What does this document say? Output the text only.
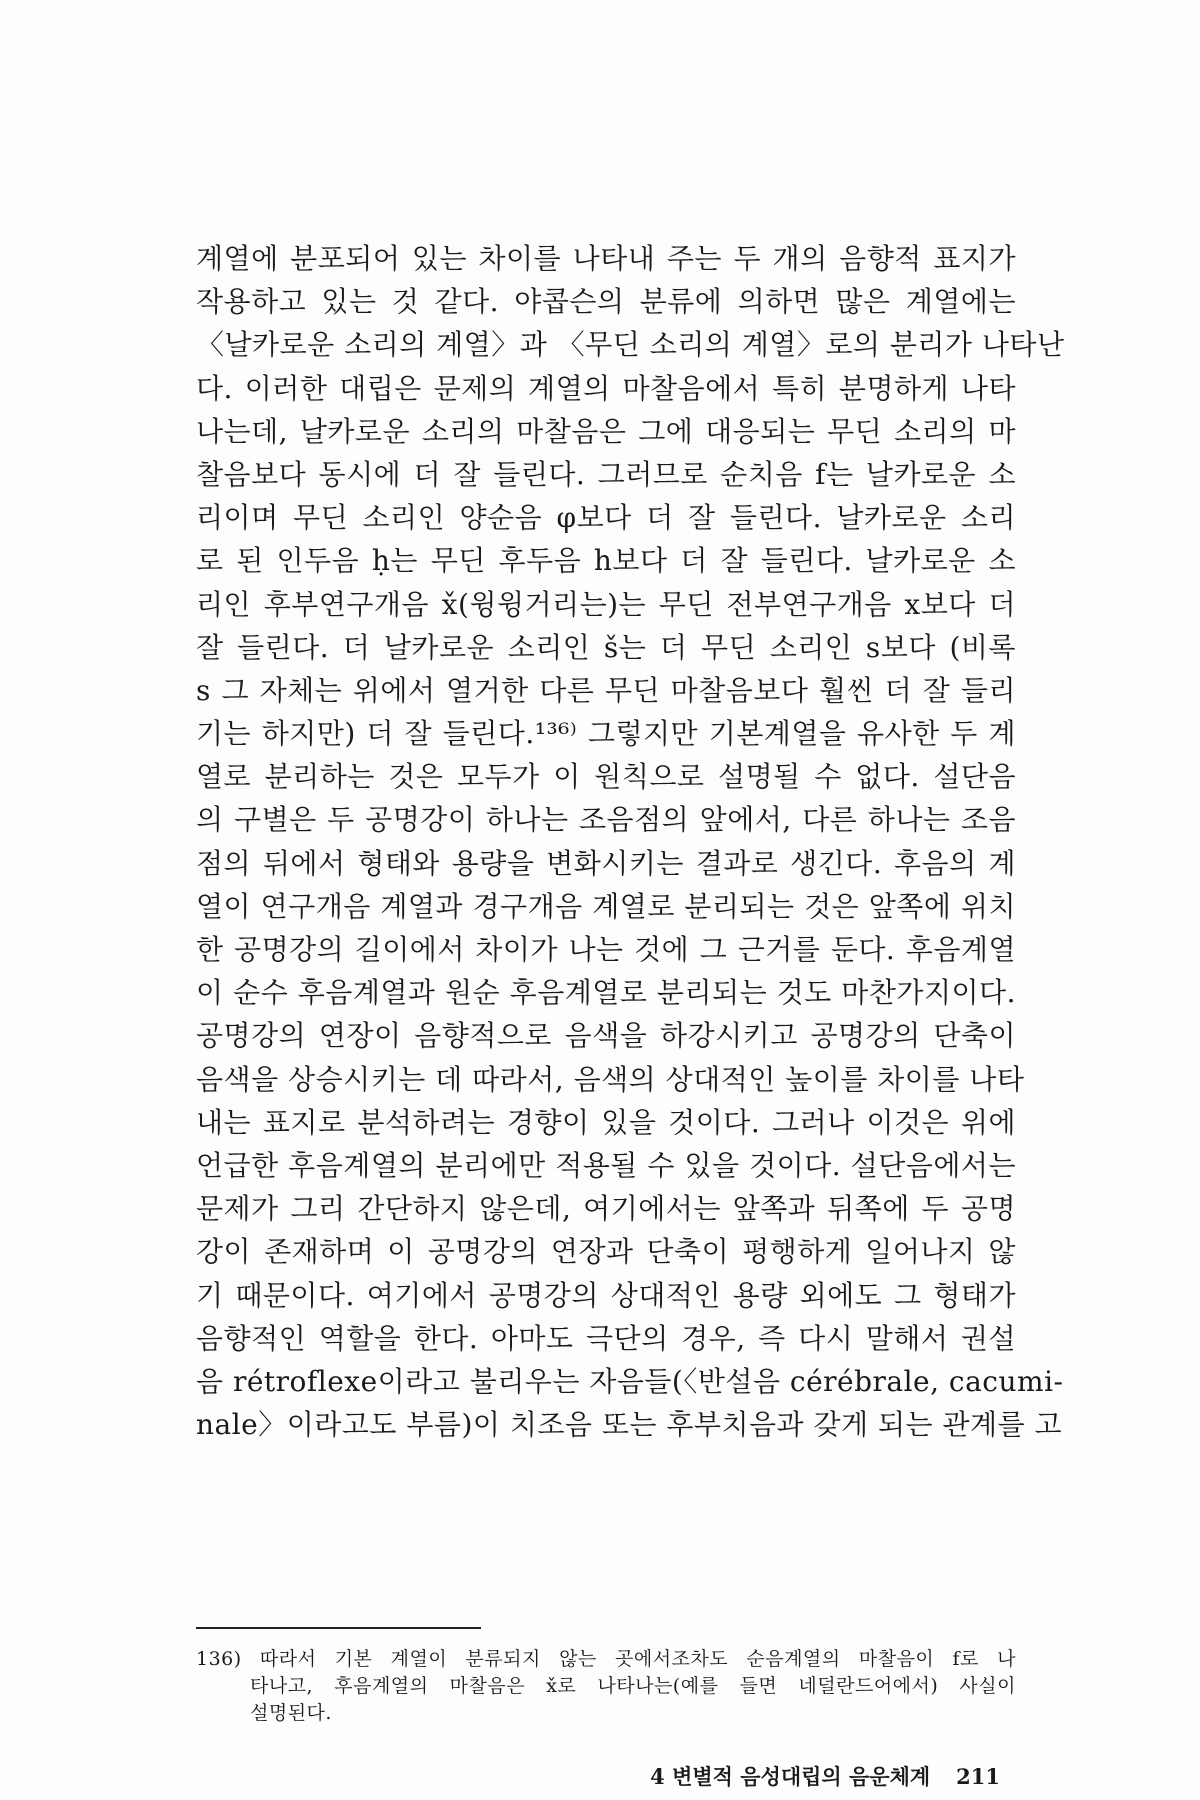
계열에 분포되어 있는 차이를 나타내 주는 두 개의 음향적 표지가
작용하고 있는 것 같다. 야콥슨의 분류에 의하면 많은 계열에는
〈날카로운 소리의 계열〉과 〈무딘 소리의 계열〉로의 분리가 나타난
다. 이러한 대립은 문제의 계열의 마찰음에서 특히 분명하게 나타
나는데, 날카로운 소리의 마찰음은 그에 대응되는 무딘 소리의 마
찰음보다 동시에 더 잘 들린다. 그러므로 순치음 f는 날카로운 소
리이며 무딘 소리인 양순음 φ보다 더 잘 들린다. 날카로운 소리
로 된 인두음 ḥ는 무딘 후두음 h보다 더 잘 들린다. 날카로운 소
리인 후부연구개음 x̌(윙윙거리는)는 무딘 전부연구개음 x보다 더
잘 들린다. 더 날카로운 소리인 š는 더 무딘 소리인 s보다 (비록
s 그 자체는 위에서 열거한 다른 무딘 마찰음보다 훨씬 더 잘 들리
기는 하지만) 더 잘 들린다.¹³⁶⁾ 그렇지만 기본계열을 유사한 두 계
열로 분리하는 것은 모두가 이 원칙으로 설명될 수 없다. 설단음
의 구별은 두 공명강이 하나는 조음점의 앞에서, 다른 하나는 조음
점의 뒤에서 형태와 용량을 변화시키는 결과로 생긴다. 후음의 계
열이 연구개음 계열과 경구개음 계열로 분리되는 것은 앞쪽에 위치
한 공명강의 길이에서 차이가 나는 것에 그 근거를 둔다. 후음계열
이 순수 후음계열과 원순 후음계열로 분리되는 것도 마찬가지이다.
공명강의 연장이 음향적으로 음색을 하강시키고 공명강의 단축이
음색을 상승시키는 데 따라서, 음색의 상대적인 높이를 차이를 나타
내는 표지로 분석하려는 경향이 있을 것이다. 그러나 이것은 위에
언급한 후음계열의 분리에만 적용될 수 있을 것이다. 설단음에서는
문제가 그리 간단하지 않은데, 여기에서는 앞쪽과 뒤쪽에 두 공명
강이 존재하며 이 공명강의 연장과 단축이 평행하게 일어나지 않
기 때문이다. 여기에서 공명강의 상대적인 용량 외에도 그 형태가
음향적인 역할을 한다. 아마도 극단의 경우, 즉 다시 말해서 권설
음 rétroflexe이라고 불리우는 자음들(〈반설음 cérébrale, cacumi-
nale〉이라고도 부름)이 치조음 또는 후부치음과 갖게 되는 관계를 고
136) 따라서 기본 계열이 분류되지 않는 곳에서조차도 순음계열의 마찰음이 f로 나
타나고, 후음계열의 마찰음은 x̌로 나타나는(예를 들면 네덜란드어에서) 사실이
설명된다.
4 변별적 음성대립의 음운체계 211
